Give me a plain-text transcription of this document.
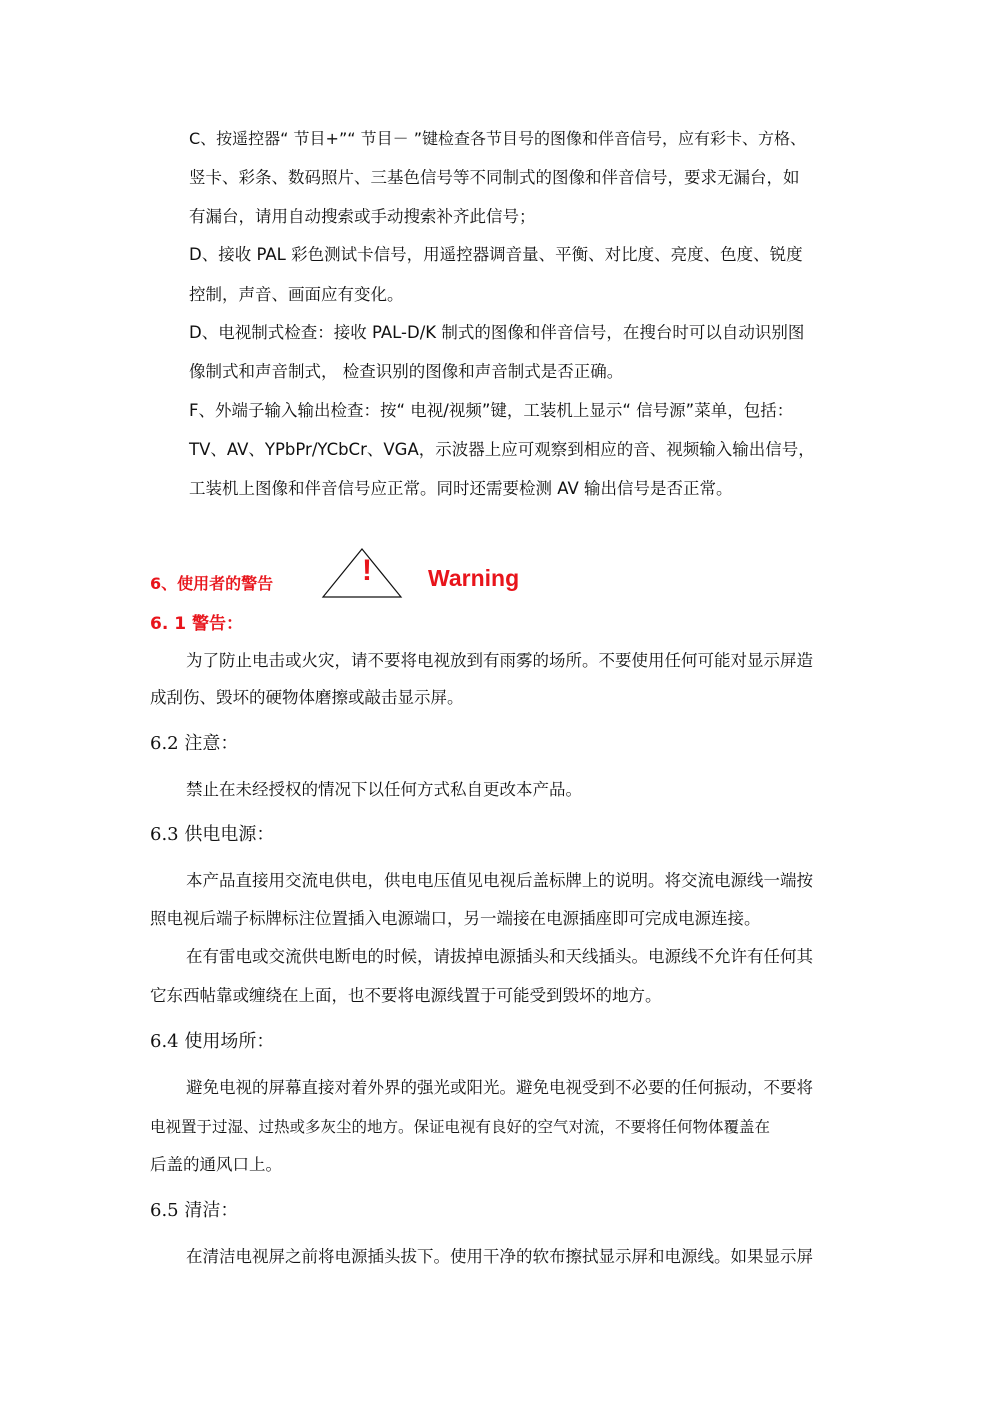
C、按遥控器“ 节目+”“ 节目－ ”键检查各节目号的图像和伴音信号，应有彩卡、方格、
竖卡、彩条、数码照片、三基色信号等不同制式的图像和伴音信号，要求无漏台，如
有漏台，请用自动搜索或手动搜索补齐此信号；
D、接收 PAL 彩色测试卡信号，用遥控器调音量、平衡、对比度、亮度、色度、锐度
控制，声音、画面应有变化。
D、电视制式检查：接收 PAL-D/K 制式的图像和伴音信号，在搜台时可以自动识别图
像制式和声音制式， 检查识别的图像和声音制式是否正确。
F、外端子输入输出检查：按“ 电视/视频”键，工装机上显示“ 信号源”菜单，包括：
TV、AV、YPbPr/YCbCr、VGA，示波器上应可观察到相应的音、视频输入输出信号，
工装机上图像和伴音信号应正常。同时还需要检测 AV 输出信号是否正常。
6、使用者的警告	! Warning
6. 1 警告：
为了防止电击或火灾，请不要将电视放到有雨雾的场所。不要使用任何可能对显示屏造
成刮伤、毁坏的硬物体磨擦或敲击显示屏。
6.2 注意：
禁止在未经授权的情况下以任何方式私自更改本产品。
6.3 供电电源：
本产品直接用交流电供电，供电电压值见电视后盖标牌上的说明。将交流电源线一端按
照电视后端子标牌标注位置插入电源端口，另一端接在电源插座即可完成电源连接。
在有雷电或交流供电断电的时候，请拔掉电源插头和天线插头。电源线不允许有任何其
它东西帖靠或缠绕在上面，也不要将电源线置于可能受到毁坏的地方。
6.4 使用场所：
避免电视的屏幕直接对着外界的强光或阳光。避免电视受到不必要的任何振动，不要将
电视置于过湿、过热或多灰尘的地方。保证电视有良好的空气对流，不要将任何物体覆盖在
后盖的通风口上。
6.5 清洁：
在清洁电视屏之前将电源插头拔下。使用干净的软布擦拭显示屏和电源线。如果显示屏
